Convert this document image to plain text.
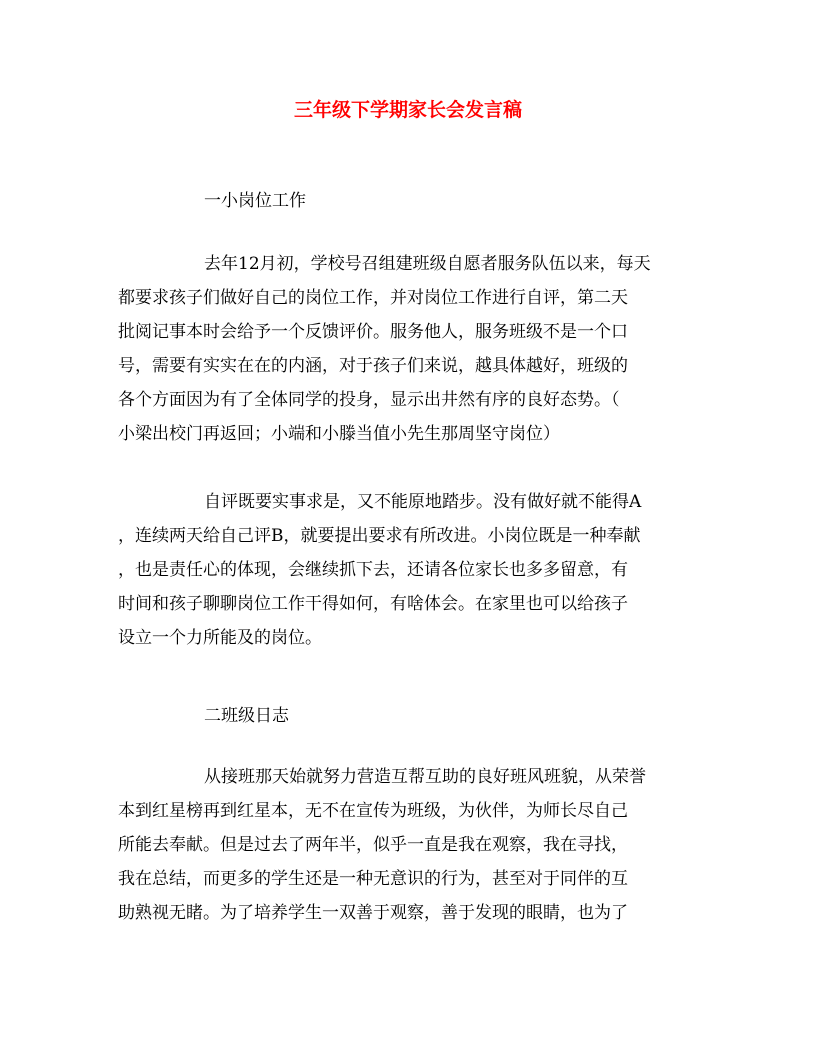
三年级下学期家长会发言稿

一小岗位工作

去年12月初，学校号召组建班级自愿者服务队伍以来，每天
都要求孩子们做好自己的岗位工作，并对岗位工作进行自评，第二天
批阅记事本时会给予一个反馈评价。服务他人，服务班级不是一个口
号，需要有实实在在的内涵，对于孩子们来说，越具体越好，班级的
各个方面因为有了全体同学的投身，显示出井然有序的良好态势。（
小梁出校门再返回；小端和小滕当值小先生那周坚守岗位）
自评既要实事求是，又不能原地踏步。没有做好就不能得A
，连续两天给自己评B，就要提出要求有所改进。小岗位既是一种奉献
，也是责任心的体现，会继续抓下去，还请各位家长也多多留意，有
时间和孩子聊聊岗位工作干得如何，有啥体会。在家里也可以给孩子
设立一个力所能及的岗位。

二班级日志

从接班那天始就努力营造互帮互助的良好班风班貌，从荣誉
本到红星榜再到红星本，无不在宣传为班级，为伙伴，为师长尽自己
所能去奉献。但是过去了两年半，似乎一直是我在观察，我在寻找，
我在总结，而更多的学生还是一种无意识的行为，甚至对于同伴的互
助熟视无睹。为了培养学生一双善于观察，善于发现的眼睛，也为了
